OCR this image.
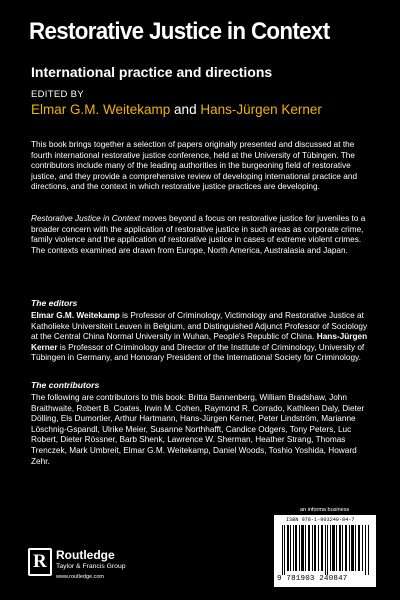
Restorative Justice in Context
International practice and directions
EDITED BY
Elmar G.M. Weitekamp and Hans-Jürgen Kerner

This book brings together a selection of papers originally presented and discussed at the fourth international restorative justice conference, held at the University of Tübingen. The contributors include many of the leading authorities in the burgeoning field of restorative justice, and they provide a comprehensive review of developing international practice and directions, and the context in which restorative justice practices are developing.

Restorative Justice in Context moves beyond a focus on restorative justice for juveniles to a broader concern with the application of restorative justice in such areas as corporate crime, family violence and the application of restorative justice in cases of extreme violent crimes. The contexts examined are drawn from Europe, North America, Australasia and Japan.

The editors

Elmar G.M. Weitekamp is Professor of Criminology, Victimology and Restorative Justice at Katholieke Universiteit Leuven in Belgium, and Distinguished Adjunct Professor of Sociology at the Central China Normal University in Wuhan, People's Republic of China. Hans-Jürgen Kerner is Professor of Criminology and Director of the Institute of Criminology, University of Tübingen in Germany, and Honorary President of the International Society for Criminology.

The contributors

The following are contributors to this book: Britta Bannenberg, William Bradshaw, John Braithwaite, Robert B. Coates, Irwin M. Cohen, Raymond R. Corrado, Kathleen Daly, Dieter Dölling, Els Dumortier, Arthur Hartmann, Hans-Jürgen Kerner, Peter Lindström, Marianne Löschnig-Gspandl, Ulrike Meier, Susanne Northhafft, Candice Odgers, Tony Peters, Luc Robert, Dieter Rössner, Barb Shenk, Lawrence W. Sherman, Heather Strang, Thomas Trenczek, Mark Umbreit, Elmar G.M. Weitekamp, Daniel Woods, Toshio Yoshida, Howard Zehr.

R Routledge
Taylor & Francis Group
www.routledge.com
an informa business
ISBN 978-1-903240-84-7
9 781903 240847
